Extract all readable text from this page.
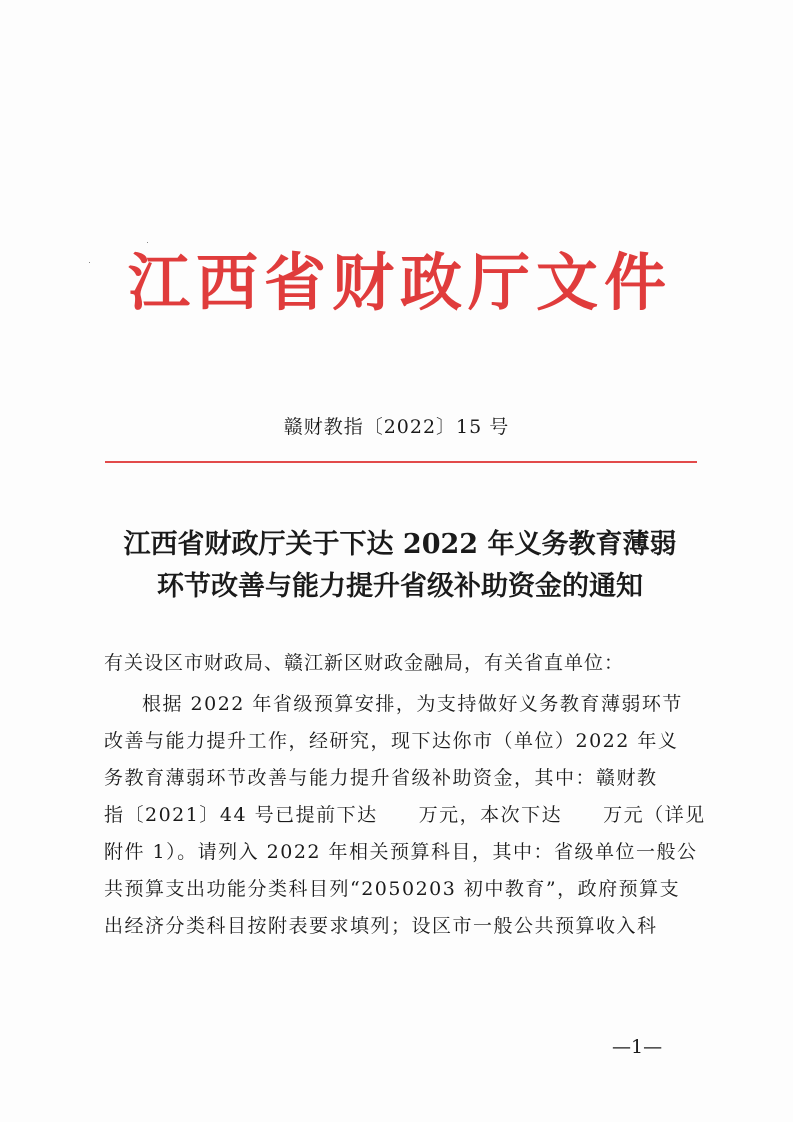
江西省财政厅文件
赣财教指〔2022〕15 号
江西省财政厅关于下达 2022 年义务教育薄弱
环节改善与能力提升省级补助资金的通知
有关设区市财政局、赣江新区财政金融局，有关省直单位：
根据 2022 年省级预算安排，为支持做好义务教育薄弱环节
改善与能力提升工作，经研究，现下达你市（单位）2022 年义
务教育薄弱环节改善与能力提升省级补助资金，其中：赣财教
指〔2021〕44 号已提前下达　　万元，本次下达　　万元（详见
附件 1）。请列入 2022 年相关预算科目，其中：省级单位一般公
共预算支出功能分类科目列“2050203 初中教育”，政府预算支
出经济分类科目按附表要求填列；设区市一般公共预算收入科
—1—
